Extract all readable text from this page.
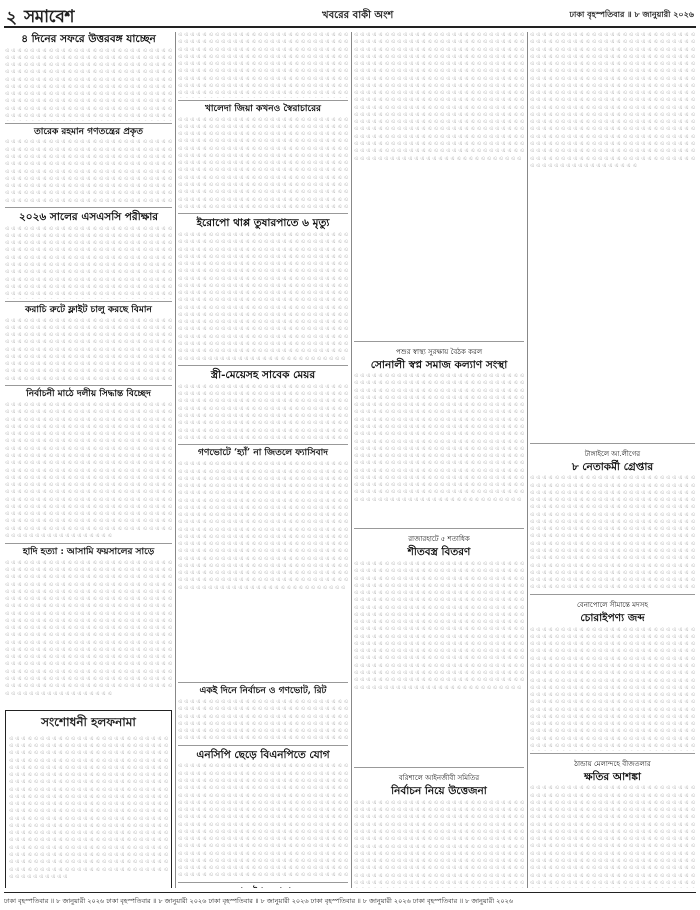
২ সমাবেশ	খবরের বাকী অংশ	ঢাকা বৃহস্পতিবার ॥ ৮ জানুয়ারী ২০২৬
৪ দিনের সফরে উত্তরবঙ্গ যাচ্ছেন
এ এ এ এ এ এ এ এ এ এ এ এ এ এ এ এ এ এ এ এ এ এ এ এ এ এ এ এ এ এ এ এ এ এ এ এ এ এ এ এ এ এ এ এ এ এ এ এ এ এ এ এ এ এ এ এ এ এ এ এ এ এ এ এ এ এ এ এ এ এ এ এ এ এ এ এ এ এ এ এ এ এ এ এ এ এ এ এ এ এ এ এ এ এ এ এ এ এ এ এ এ এ এ এ এ এ এ এ এ এ এ এ এ এ এ এ এ এ এ এ এ এ এ এ এ এ এ এ এ এ এ এ এ এ এ এ এ এ এ এ এ এ এ এ এ এ এ এ এ এ এ এ এ এ এ এ এ এ এ এ এ এ এ এ এ এ এ এ এ এ এ এ এ এ এ এ এ এ এ এ এ এ এ এ এ এ এ এ এ এ এ এ এ এ এ এ এ এ এ এ এ এ এ এ এ এ এ এ এ এ এ এ এ এ এ এ এ এ এ এ এ এ এ এ এ এ এ এ এ এ এ এ এ এ এ এ এ এ এ এ এ এ এ এ এ এ এ এ এ এ এ এ এ এ এ এ এ এ এ এ এ এ এ এ এ এ এ এ এ এ
তারেক রহমান গণতন্ত্রের প্রকৃত
এ এ এ এ এ এ এ এ এ এ এ এ এ এ এ এ এ এ এ এ এ এ এ এ এ এ এ এ এ এ এ এ এ এ এ এ এ এ এ এ এ এ এ এ এ এ এ এ এ এ এ এ এ এ এ এ এ এ এ এ এ এ এ এ এ এ এ এ এ এ এ এ এ এ এ এ এ এ এ এ এ এ এ এ এ এ এ এ এ এ এ এ এ এ এ এ এ এ এ এ এ এ এ এ এ এ এ এ এ এ এ এ এ এ এ এ এ এ এ এ এ এ এ এ এ এ এ এ এ এ এ এ এ এ এ এ এ এ এ এ এ এ এ এ এ এ এ এ এ এ এ এ এ এ এ এ এ এ এ এ এ এ এ এ এ এ এ এ এ এ এ এ এ এ এ এ এ এ এ এ এ এ এ এ এ এ এ এ এ এ এ এ এ এ এ এ এ এ এ এ এ এ এ এ এ এ এ এ এ এ এ এ এ এ এ এ এ এ এ এ এ এ এ এ এ এ এ এ এ এ এ এ এ এ এ এ এ এ এ এ এ এ এ
২০২৬ সালের এসএসসি পরীক্ষার
এ এ এ এ এ এ এ এ এ এ এ এ এ এ এ এ এ এ এ এ এ এ এ এ এ এ এ এ এ এ এ এ এ এ এ এ এ এ এ এ এ এ এ এ এ এ এ এ এ এ এ এ এ এ এ এ এ এ এ এ এ এ এ এ এ এ এ এ এ এ এ এ এ এ এ এ এ এ এ এ এ এ এ এ এ এ এ এ এ এ এ এ এ এ এ এ এ এ এ এ এ এ এ এ এ এ এ এ এ এ এ এ এ এ এ এ এ এ এ এ এ এ এ এ এ এ এ এ এ এ এ এ এ এ এ এ এ এ এ এ এ এ এ এ এ এ এ এ এ এ এ এ এ এ এ এ এ এ এ এ এ এ এ এ এ এ এ এ এ এ এ এ এ এ এ এ এ এ এ এ এ এ এ এ এ এ এ এ এ এ এ এ এ এ এ এ এ এ এ এ এ এ এ এ এ এ এ এ এ এ এ এ এ এ এ এ এ এ এ এ এ এ এ এ এ এ এ এ এ এ এ এ এ এ এ এ এ এ এ এ এ এ এ এ এ এ এ এ এ এ এ এ এ এ এ এ এ এ এ এ এ এ এ এ এ এ এ এ এ এ
করাচি রুটে ফ্লাইট চালু করছে বিমান
এ এ এ এ এ এ এ এ এ এ এ এ এ এ এ এ এ এ এ এ এ এ এ এ এ এ এ এ এ এ এ এ এ এ এ এ এ এ এ এ এ এ এ এ এ এ এ এ এ এ এ এ এ এ এ এ এ এ এ এ এ এ এ এ এ এ এ এ এ এ এ এ এ এ এ এ এ এ এ এ এ এ এ এ এ এ এ এ এ এ এ এ এ এ এ এ এ এ এ এ এ এ এ এ এ এ এ এ এ এ এ এ এ এ এ এ এ এ এ এ এ এ এ এ এ এ এ এ এ এ এ এ এ এ এ এ এ এ এ এ এ এ এ এ এ এ এ এ এ এ এ এ এ এ এ এ এ এ এ এ এ এ এ এ এ এ এ এ এ এ এ এ এ এ এ এ এ এ এ এ এ এ এ এ এ এ এ এ এ এ এ এ এ এ এ এ এ এ এ এ এ এ এ এ এ এ এ এ এ এ এ এ এ এ এ এ এ এ এ এ এ এ এ এ এ এ এ এ এ এ এ এ এ এ এ এ এ এ এ এ এ এ এ
নির্বাচনী মাঠে দলীয় সিদ্ধান্ত বিচ্ছেদ
এ এ এ এ এ এ এ এ এ এ এ এ এ এ এ এ এ এ এ এ এ এ এ এ এ এ এ এ এ এ এ এ এ এ এ এ এ এ এ এ এ এ এ এ এ এ এ এ এ এ এ এ এ এ এ এ এ এ এ এ এ এ এ এ এ এ এ এ এ এ এ এ এ এ এ এ এ এ এ এ এ এ এ এ এ এ এ এ এ এ এ এ এ এ এ এ এ এ এ এ এ এ এ এ এ এ এ এ এ এ এ এ এ এ এ এ এ এ এ এ এ এ এ এ এ এ এ এ এ এ এ এ এ এ এ এ এ এ এ এ এ এ এ এ এ এ এ এ এ এ এ এ এ এ এ এ এ এ এ এ এ এ এ এ এ এ এ এ এ এ এ এ এ এ এ এ এ এ এ এ এ এ এ এ এ এ এ এ এ এ এ এ এ এ এ এ এ এ এ এ এ এ এ এ এ এ এ এ এ এ এ এ এ এ এ এ এ এ এ এ এ এ এ এ এ এ এ এ এ এ এ এ এ এ এ এ এ এ এ এ এ এ এ এ এ এ এ এ এ এ এ এ এ এ এ এ এ এ এ এ এ এ এ এ এ এ এ এ এ এ এ এ এ এ এ এ এ এ এ এ এ এ এ এ এ এ এ এ এ এ এ এ এ এ এ এ এ এ এ এ এ এ এ এ এ এ এ এ এ এ এ এ এ এ এ এ এ এ এ এ এ এ এ এ এ এ এ এ এ এ এ এ এ এ এ এ এ এ এ এ এ এ এ এ এ এ এ এ এ এ এ এ এ এ এ এ এ এ এ এ এ এ এ এ এ এ এ এ এ এ এ এ এ এ এ এ এ এ এ এ এ এ এ এ এ এ এ এ এ এ এ এ এ এ এ এ এ এ এ এ এ এ এ এ এ এ এ এ এ এ এ এ এ এ এ এ এ এ এ এ এ এ এ এ এ এ এ এ এ এ এ এ এ এ এ এ এ এ এ এ এ এ এ এ এ এ এ এ এ এ এ এ এ এ এ এ এ এ এ এ এ এ এ এ এ এ এ এ এ এ এ এ এ এ এ এ এ এ এ এ এ এ এ এ এ এ এ এ এ এ এ এ এ এ এ এ এ এ এ এ এ এ এ এ
হাদি হত্যা : আসামি ফয়সালের সাড়ে
এ এ এ এ এ এ এ এ এ এ এ এ এ এ এ এ এ এ এ এ এ এ এ এ এ এ এ এ এ এ এ এ এ এ এ এ এ এ এ এ এ এ এ এ এ এ এ এ এ এ এ এ এ এ এ এ এ এ এ এ এ এ এ এ এ এ এ এ এ এ এ এ এ এ এ এ এ এ এ এ এ এ এ এ এ এ এ এ এ এ এ এ এ এ এ এ এ এ এ এ এ এ এ এ এ এ এ এ এ এ এ এ এ এ এ এ এ এ এ এ এ এ এ এ এ এ এ এ এ এ এ এ এ এ এ এ এ এ এ এ এ এ এ এ এ এ এ এ এ এ এ এ এ এ এ এ এ এ এ এ এ এ এ এ এ এ এ এ এ এ এ এ এ এ এ এ এ এ এ এ এ এ এ এ এ এ এ এ এ এ এ এ এ এ এ এ এ এ এ এ এ এ এ এ এ এ এ এ এ এ এ এ এ এ এ এ এ এ এ এ এ এ এ এ এ এ এ এ এ এ এ এ এ এ এ এ এ এ এ এ এ এ এ এ এ এ এ এ এ এ এ এ এ এ এ এ এ এ এ এ এ এ এ এ এ এ এ এ এ এ এ এ এ এ এ এ এ এ এ এ এ এ এ এ এ এ এ এ এ এ এ এ এ এ এ এ এ এ এ এ এ এ এ এ এ এ এ এ এ এ এ এ এ এ এ এ এ এ এ এ এ এ এ এ এ এ এ এ এ এ এ এ এ এ এ এ এ এ এ এ এ এ এ এ এ এ এ এ এ এ এ এ এ এ এ এ এ এ এ এ এ এ এ এ এ এ এ এ এ এ এ এ এ এ এ এ এ এ এ এ এ এ এ এ এ এ এ এ এ এ এ এ এ এ এ এ এ এ এ এ এ এ এ এ এ এ এ এ এ এ এ এ এ এ এ এ এ এ এ এ এ এ এ এ এ এ এ এ এ এ এ এ এ এ এ এ এ এ এ এ এ এ এ এ এ এ এ এ এ এ এ এ এ এ এ এ এ এ এ এ এ এ এ এ এ এ এ এ এ এ এ এ এ এ এ এ এ এ এ এ এ এ এ এ এ এ এ এ এ এ এ এ এ এ এ এ এ এ এ এ এ এ এ এ
সংশোধনী হলফনামা
এ এ এ এ এ এ এ এ এ এ এ এ এ এ এ এ এ এ এ এ এ এ এ এ এ এ এ এ এ এ এ এ এ এ এ এ এ এ এ এ এ এ এ এ এ এ এ এ এ এ এ এ এ এ এ এ এ এ এ এ এ এ এ এ এ এ এ এ এ এ এ এ এ এ এ এ এ এ এ এ এ এ এ এ এ এ এ এ এ এ এ এ এ এ এ এ এ এ এ এ এ এ এ এ এ এ এ এ এ এ এ এ এ এ এ এ এ এ এ এ এ এ এ এ এ এ এ এ এ এ এ এ এ এ এ এ এ এ এ এ এ এ এ এ এ এ এ এ এ এ এ এ এ এ এ এ এ এ এ এ এ এ এ এ এ এ এ এ এ এ এ এ এ এ এ এ এ এ এ এ এ এ এ এ এ এ এ এ এ এ এ এ এ এ এ এ এ এ এ এ এ এ এ এ এ এ এ এ এ এ এ এ এ এ এ এ এ এ এ এ এ এ এ এ এ এ এ এ এ এ এ এ এ এ এ এ এ এ এ এ এ এ এ এ এ এ এ এ এ এ এ এ এ এ এ এ এ এ এ এ এ এ এ এ এ এ এ এ এ এ এ এ এ এ এ এ এ এ এ এ এ এ এ এ এ এ এ এ এ এ এ এ এ এ এ এ এ এ এ এ এ এ এ এ এ এ এ এ এ এ এ এ এ এ এ এ এ এ এ এ এ এ এ এ এ এ এ এ এ এ এ এ এ এ এ এ এ এ এ এ এ এ এ এ এ এ এ এ এ এ এ এ এ এ এ এ এ এ এ এ এ এ এ এ এ এ এ এ এ এ এ এ এ এ এ এ এ এ এ এ এ এ এ এ এ এ এ এ এ এ এ এ এ এ এ এ এ এ এ এ এ এ এ এ এ এ এ এ এ এ এ এ এ এ এ এ এ এ এ এ এ এ এ এ এ এ এ এ এ এ এ এ এ এ এ এ এ এ এ এ এ এ এ এ এ এ এ এ এ এ এ এ এ এ এ এ এ এ এ এ এ এ এ এ এ এ এ এ এ এ এ এ এ এ এ এ এ এ এ এ এ এ এ এ এ এ এ এ এ এ এ এ এ এ এ এ এ এ এ এ এ এ এ এ
এ এ এ এ এ এ এ এ এ এ এ এ এ এ এ এ এ এ এ এ এ এ এ এ এ এ এ এ এ এ এ এ এ এ এ এ এ এ এ এ এ এ এ এ এ এ এ এ এ এ এ এ এ এ এ এ এ এ এ এ এ এ এ এ এ এ এ এ এ এ এ এ এ এ এ এ এ এ এ এ এ এ এ এ এ এ এ এ এ এ এ এ এ এ এ এ এ এ এ এ এ এ এ এ এ এ এ এ এ এ এ এ এ এ এ এ এ এ এ এ এ এ এ এ এ এ এ এ এ এ এ এ এ এ এ এ এ এ এ এ এ এ এ এ এ এ এ এ এ এ এ এ এ এ এ এ এ এ এ এ এ এ এ এ এ এ এ এ এ এ এ এ এ এ এ এ এ এ এ এ এ এ এ এ এ এ এ এ এ এ এ এ এ এ এ এ এ এ এ এ এ এ এ এ এ এ এ এ এ এ এ এ এ এ এ এ এ এ এ এ এ এ এ এ এ এ এ এ এ এ এ এ এ এ এ এ এ এ এ এ এ এ এ এ এ এ এ এ এ এ এ এ
খালেদা জিয়া কখনও স্বৈরাচারের
এ এ এ এ এ এ এ এ এ এ এ এ এ এ এ এ এ এ এ এ এ এ এ এ এ এ এ এ এ এ এ এ এ এ এ এ এ এ এ এ এ এ এ এ এ এ এ এ এ এ এ এ এ এ এ এ এ এ এ এ এ এ এ এ এ এ এ এ এ এ এ এ এ এ এ এ এ এ এ এ এ এ এ এ এ এ এ এ এ এ এ এ এ এ এ এ এ এ এ এ এ এ এ এ এ এ এ এ এ এ এ এ এ এ এ এ এ এ এ এ এ এ এ এ এ এ এ এ এ এ এ এ এ এ এ এ এ এ এ এ এ এ এ এ এ এ এ এ এ এ এ এ এ এ এ এ এ এ এ এ এ এ এ এ এ এ এ এ এ এ এ এ এ এ এ এ এ এ এ এ এ এ এ এ এ এ এ এ এ এ এ এ এ এ এ এ এ এ এ এ এ এ এ এ এ এ এ এ এ এ এ এ এ এ এ এ এ এ এ এ এ এ এ এ এ এ এ এ এ এ এ এ এ এ এ এ এ এ এ এ এ এ এ এ এ এ এ এ এ এ এ এ এ এ এ এ এ এ এ এ এ এ এ এ এ এ এ এ এ এ এ এ এ এ এ এ এ এ এ এ এ এ এ এ এ এ এ এ এ এ এ এ এ এ এ এ এ এ এ এ এ এ এ এ এ এ এ এ এ এ এ এ এ এ এ এ এ এ এ এ এ এ এ এ এ এ এ এ এ এ এ এ এ এ এ এ এ এ এ এ এ এ এ এ এ এ এ এ এ এ এ এ এ এ এ এ এ এ এ এ এ এ এ এ
ইরোপো থাপ্প তুষারপাতে ৬ মৃত্যু
এ এ এ এ এ এ এ এ এ এ এ এ এ এ এ এ এ এ এ এ এ এ এ এ এ এ এ এ এ এ এ এ এ এ এ এ এ এ এ এ এ এ এ এ এ এ এ এ এ এ এ এ এ এ এ এ এ এ এ এ এ এ এ এ এ এ এ এ এ এ এ এ এ এ এ এ এ এ এ এ এ এ এ এ এ এ এ এ এ এ এ এ এ এ এ এ এ এ এ এ এ এ এ এ এ এ এ এ এ এ এ এ এ এ এ এ এ এ এ এ এ এ এ এ এ এ এ এ এ এ এ এ এ এ এ এ এ এ এ এ এ এ এ এ এ এ এ এ এ এ এ এ এ এ এ এ এ এ এ এ এ এ এ এ এ এ এ এ এ এ এ এ এ এ এ এ এ এ এ এ এ এ এ এ এ এ এ এ এ এ এ এ এ এ এ এ এ এ এ এ এ এ এ এ এ এ এ এ এ এ এ এ এ এ এ এ এ এ এ এ এ এ এ এ এ এ এ এ এ এ এ এ এ এ এ এ এ এ এ এ এ এ এ এ এ এ এ এ এ এ এ এ এ এ এ এ এ এ এ এ এ এ এ এ এ এ এ এ এ এ এ এ এ এ এ এ এ এ এ এ এ এ এ এ এ এ এ এ এ এ এ এ এ এ এ এ এ এ এ এ এ এ এ এ এ এ এ এ এ এ এ এ এ এ এ এ এ এ এ এ এ এ এ এ এ এ এ এ এ এ এ এ এ এ এ এ এ এ এ এ এ এ এ এ এ এ এ এ এ এ এ এ এ এ এ এ এ এ এ এ এ এ এ এ এ এ এ এ এ এ এ এ এ এ এ এ এ এ এ এ এ এ এ এ এ এ এ এ এ এ এ এ এ এ এ এ এ এ এ এ এ এ এ এ এ এ এ এ এ এ এ এ এ এ এ এ এ এ এ এ এ এ এ এ এ এ এ এ এ এ এ এ এ এ এ এ এ এ এ এ এ এ এ এ এ এ এ এ এ এ এ এ এ এ এ এ এ এ এ এ এ এ এ এ এ এ এ এ এ এ এ এ এ এ এ এ এ এ এ এ এ এ এ এ এ এ এ এ এ এ এ এ এ এ এ এ এ এ এ এ এ এ এ এ
স্ত্রী-মেয়েসহ সাবেক মেয়র
এ এ এ এ এ এ এ এ এ এ এ এ এ এ এ এ এ এ এ এ এ এ এ এ এ এ এ এ এ এ এ এ এ এ এ এ এ এ এ এ এ এ এ এ এ এ এ এ এ এ এ এ এ এ এ এ এ এ এ এ এ এ এ এ এ এ এ এ এ এ এ এ এ এ এ এ এ এ এ এ এ এ এ এ এ এ এ এ এ এ এ এ এ এ এ এ এ এ এ এ এ এ এ এ এ এ এ এ এ এ এ এ এ এ এ এ এ এ এ এ এ এ এ এ এ এ এ এ এ এ এ এ এ এ এ এ এ এ এ এ এ এ এ এ এ এ এ এ এ এ এ এ এ এ এ এ এ এ এ এ এ এ এ এ এ এ এ এ এ এ এ এ এ এ এ এ এ এ এ এ এ এ এ এ এ এ এ এ এ এ এ এ এ এ এ এ এ এ এ এ এ এ এ এ এ এ এ এ এ এ এ এ এ এ এ এ এ এ এ এ এ এ এ এ
গণভোটে ‘হ্যাঁ’ না জিতলে ফ্যাসিবাদ
এ এ এ এ এ এ এ এ এ এ এ এ এ এ এ এ এ এ এ এ এ এ এ এ এ এ এ এ এ এ এ এ এ এ এ এ এ এ এ এ এ এ এ এ এ এ এ এ এ এ এ এ এ এ এ এ এ এ এ এ এ এ এ এ এ এ এ এ এ এ এ এ এ এ এ এ এ এ এ এ এ এ এ এ এ এ এ এ এ এ এ এ এ এ এ এ এ এ এ এ এ এ এ এ এ এ এ এ এ এ এ এ এ এ এ এ এ এ এ এ এ এ এ এ এ এ এ এ এ এ এ এ এ এ এ এ এ এ এ এ এ এ এ এ এ এ এ এ এ এ এ এ এ এ এ এ এ এ এ এ এ এ এ এ এ এ এ এ এ এ এ এ এ এ এ এ এ এ এ এ এ এ এ এ এ এ এ এ এ এ এ এ এ এ এ এ এ এ এ এ এ এ এ এ এ এ এ এ এ এ এ এ এ এ এ এ এ এ এ এ এ এ এ এ এ এ এ এ এ এ এ এ এ এ এ এ এ এ এ এ এ এ এ এ এ এ এ এ এ এ এ এ এ এ এ এ এ এ এ এ এ এ এ এ এ এ এ এ এ এ এ এ এ এ এ এ এ এ এ এ এ এ এ এ এ এ এ এ এ এ এ এ এ এ এ এ এ এ এ এ এ এ এ এ এ এ এ এ এ এ এ এ এ এ এ এ এ এ এ এ এ এ এ এ এ এ এ এ এ এ এ এ এ এ এ এ এ এ এ এ এ এ এ এ এ এ এ এ এ এ এ এ এ এ এ এ এ এ এ এ এ এ এ এ এ এ এ এ এ এ এ এ এ এ এ এ এ এ এ এ এ এ এ এ এ এ এ এ এ এ এ এ এ এ এ এ এ এ এ এ এ এ এ এ এ এ এ এ এ এ এ এ এ এ এ এ এ এ এ এ এ এ এ এ এ এ এ এ এ এ এ এ এ এ এ এ এ এ এ এ এ এ এ এ এ এ এ এ এ এ এ এ এ এ এ এ এ এ এ এ এ এ এ এ এ এ এ এ এ এ এ এ এ এ এ এ এ এ এ এ এ এ এ এ এ এ এ এ এ এ এ এ এ এ এ এ এ এ এ এ এ এ এ এ
একই দিনে নির্বাচন ও গণভোট, রিট
এ এ এ এ এ এ এ এ এ এ এ এ এ এ এ এ এ এ এ এ এ এ এ এ এ এ এ এ এ এ এ এ এ এ এ এ এ এ এ এ এ এ এ এ এ এ এ এ এ এ এ এ এ এ এ এ এ এ এ এ এ এ এ এ এ এ এ এ এ এ এ এ এ এ এ এ এ এ এ এ এ এ এ এ এ এ এ এ এ এ এ এ এ এ এ এ এ এ এ এ এ এ এ এ এ এ এ এ এ এ এ এ এ এ এ এ এ এ এ এ এ এ এ এ এ এ এ এ এ এ এ এ এ এ এ এ এ এ এ এ এ এ এ এ এ এ এ এ এ এ এ এ এ এ এ এ এ এ এ এ এ এ এ এ এ এ এ এ
এনসিপি ছেড়ে বিএনপিতে যোগ
এ এ এ এ এ এ এ এ এ এ এ এ এ এ এ এ এ এ এ এ এ এ এ এ এ এ এ এ এ এ এ এ এ এ এ এ এ এ এ এ এ এ এ এ এ এ এ এ এ এ এ এ এ এ এ এ এ এ এ এ এ এ এ এ এ এ এ এ এ এ এ এ এ এ এ এ এ এ এ এ এ এ এ এ এ এ এ এ এ এ এ এ এ এ এ এ এ এ এ এ এ এ এ এ এ এ এ এ এ এ এ এ এ এ এ এ এ এ এ এ এ এ এ এ এ এ এ এ এ এ এ এ এ এ এ এ এ এ এ এ এ এ এ এ এ এ এ এ এ এ এ এ এ এ এ এ এ এ এ এ এ এ এ এ এ এ এ এ এ এ এ এ এ এ এ এ এ এ এ এ এ এ এ এ এ এ এ এ এ এ এ এ এ এ এ এ এ এ এ এ এ এ এ এ এ এ এ এ এ এ এ এ এ এ এ এ এ এ এ এ এ এ এ এ এ এ এ এ এ এ এ এ এ এ এ এ এ এ এ এ এ এ এ এ এ এ এ এ এ এ এ এ এ এ এ এ এ এ এ এ এ এ এ এ এ এ এ এ এ এ এ এ এ এ এ এ এ এ এ এ এ এ এ এ এ এ এ এ এ এ এ এ এ এ এ এ এ এ এ এ এ এ এ এ এ এ এ এ এ এ এ এ এ এ এ এ এ এ এ এ এ এ এ এ এ এ এ এ এ এ এ এ এ এ এ এ এ এ এ এ এ এ এ এ এ এ এ এ এ এ এ এ এ এ এ এ এ এ এ এ এ এ এ এ এ এ এ এ এ এ এ এ এ এ এ এ এ এ এ এ এ এ এ এ এ এ এ এ এ এ এ এ এ এ এ এ এ এ এ এ এ এ এ এ এ এ এ এ এ এ এ এ এ এ এ এ এ এ এ এ এ এ এ এ এ এ এ এ এ এ এ এ এ এ এ এ এ এ এ এ এ এ এ এ এ এ এ এ
এ এ এ এ এ এ এ এ এ এ এ এ এ এ এ এ এ এ এ এ এ এ এ এ এ এ এ এ এ এ এ এ এ এ এ এ এ এ এ এ এ এ এ এ এ এ এ এ এ এ এ এ এ এ এ এ এ এ এ এ এ এ এ এ এ এ এ এ এ এ এ এ এ এ এ এ এ এ এ এ এ এ এ এ এ এ এ এ এ এ এ এ এ এ এ এ এ এ এ এ এ এ এ এ এ এ এ এ এ এ এ এ এ এ এ এ এ এ এ এ এ এ এ এ এ এ এ এ এ এ এ এ এ এ এ এ এ এ এ এ এ এ এ এ এ এ এ এ এ এ এ এ এ এ এ এ এ এ এ এ এ এ এ এ এ এ এ এ এ এ এ এ এ এ এ এ এ এ এ এ এ এ এ এ এ এ এ এ এ এ এ এ এ এ এ এ এ এ এ এ এ এ এ এ এ এ এ এ এ এ এ এ এ এ এ এ এ এ এ এ এ এ এ এ এ এ এ এ এ এ এ এ এ এ এ এ এ এ এ এ এ এ এ এ এ এ এ এ এ এ এ এ এ এ এ এ এ এ এ এ এ এ এ এ এ এ এ এ এ এ এ এ এ এ এ এ এ এ এ এ এ এ এ এ এ এ এ এ এ এ এ এ এ এ এ এ এ এ এ এ এ এ এ এ এ এ এ এ এ এ এ এ এ এ এ এ এ এ এ এ এ এ এ এ এ এ এ এ এ এ এ এ এ এ এ এ এ এ এ এ এ এ এ এ এ এ এ এ এ এ এ এ এ এ এ এ এ এ এ এ এ এ এ এ এ এ এ এ এ এ এ এ এ এ এ এ এ এ এ এ এ এ এ এ এ এ এ এ এ এ এ এ এ এ এ এ এ এ এ এ এ এ এ এ এ এ এ এ এ এ এ এ এ এ এ এ এ এ এ এ এ এ এ এ এ এ এ এ এ এ এ এ এ এ এ এ এ এ এ এ এ এ এ এ এ এ এ এ এ এ এ এ এ এ এ এ এ এ এ এ এ এ এ এ এ এ এ এ এ এ এ এ এ এ এ এ এ এ এ এ এ এ এ এ এ এ এ এ এ এ এ এ এ এ এ এ এ এ এ এ এ এ এ এ
পশুর স্বাস্থ্য সুরক্ষায় বৈঠক করল
সোনালী স্বপ্ন সমাজ কল্যাণ সংস্থা
এ এ এ এ এ এ এ এ এ এ এ এ এ এ এ এ এ এ এ এ এ এ এ এ এ এ এ এ এ এ এ এ এ এ এ এ এ এ এ এ এ এ এ এ এ এ এ এ এ এ এ এ এ এ এ এ এ এ এ এ এ এ এ এ এ এ এ এ এ এ এ এ এ এ এ এ এ এ এ এ এ এ এ এ এ এ এ এ এ এ এ এ এ এ এ এ এ এ এ এ এ এ এ এ এ এ এ এ এ এ এ এ এ এ এ এ এ এ এ এ এ এ এ এ এ এ এ এ এ এ এ এ এ এ এ এ এ এ এ এ এ এ এ এ এ এ এ এ এ এ এ এ এ এ এ এ এ এ এ এ এ এ এ এ এ এ এ এ এ এ এ এ এ এ এ এ এ এ এ এ এ এ এ এ এ এ এ এ এ এ এ এ এ এ এ এ এ এ এ এ এ এ এ এ এ এ এ এ এ এ এ এ এ এ এ এ এ এ এ এ এ এ এ এ এ এ এ এ এ এ এ এ এ এ এ এ এ এ এ এ এ এ এ এ এ এ এ এ এ এ এ এ এ এ এ এ এ এ এ এ এ এ এ এ এ এ এ এ এ এ এ এ এ এ এ এ এ এ এ এ এ এ এ এ এ এ এ এ এ এ এ এ এ এ এ এ এ এ এ এ এ এ এ এ এ এ এ এ এ এ এ এ এ এ এ এ এ এ এ এ এ এ এ এ এ এ এ এ এ এ এ এ এ এ এ এ এ এ এ এ এ এ এ এ এ এ এ এ এ এ এ এ এ এ এ এ এ এ এ এ এ এ এ এ এ এ এ এ এ এ এ এ এ এ এ এ এ এ এ এ এ এ এ এ এ এ এ এ এ এ এ এ এ এ এ এ এ এ এ এ এ এ এ এ এ এ এ এ এ এ এ এ এ এ এ এ এ এ এ এ এ এ এ এ এ এ এ এ এ এ এ এ এ এ এ এ এ এ এ এ এ এ এ এ এ এ এ এ এ এ এ এ এ এ এ এ এ এ এ এ এ এ এ এ এ এ এ এ এ এ এ এ এ এ এ এ এ এ এ এ এ এ এ এ এ এ এ এ এ এ এ এ এ এ এ এ এ এ এ এ এ এ এ এ
রাজারহাটে ৫ শতাধিক
শীতবস্ত্র বিতরণ
এ এ এ এ এ এ এ এ এ এ এ এ এ এ এ এ এ এ এ এ এ এ এ এ এ এ এ এ এ এ এ এ এ এ এ এ এ এ এ এ এ এ এ এ এ এ এ এ এ এ এ এ এ এ এ এ এ এ এ এ এ এ এ এ এ এ এ এ এ এ এ এ এ এ এ এ এ এ এ এ এ এ এ এ এ এ এ এ এ এ এ এ এ এ এ এ এ এ এ এ এ এ এ এ এ এ এ এ এ এ এ এ এ এ এ এ এ এ এ এ এ এ এ এ এ এ এ এ এ এ এ এ এ এ এ এ এ এ এ এ এ এ এ এ এ এ এ এ এ এ এ এ এ এ এ এ এ এ এ এ এ এ এ এ এ এ এ এ এ এ এ এ এ এ এ এ এ এ এ এ এ এ এ এ এ এ এ এ এ এ এ এ এ এ এ এ এ এ এ এ এ এ এ এ এ এ এ এ এ এ এ এ এ এ এ এ এ এ এ এ এ এ এ এ এ এ এ এ এ এ এ এ এ এ এ এ এ এ এ এ এ এ এ এ এ এ এ এ এ এ এ এ এ এ এ এ এ এ এ এ এ এ এ এ এ এ এ এ এ এ এ এ এ এ এ এ এ এ এ এ এ এ এ এ এ এ এ এ এ এ এ এ এ এ এ এ এ এ এ এ এ এ এ এ এ এ এ এ এ এ এ এ এ এ এ এ এ এ এ এ এ এ এ এ এ এ এ এ এ এ এ এ এ এ এ এ এ এ এ এ এ এ এ এ এ এ এ এ এ এ এ এ এ এ এ এ এ এ এ এ এ এ এ এ এ এ এ এ এ এ এ এ এ এ এ এ এ এ এ এ এ এ এ এ এ এ এ এ এ এ এ এ এ এ এ এ এ এ এ এ এ এ এ এ এ এ এ এ এ এ এ এ এ এ এ এ এ এ এ এ এ এ এ এ এ এ এ এ এ এ এ এ এ এ এ এ এ এ এ এ এ এ এ এ এ এ এ এ এ এ এ এ এ এ এ এ এ এ এ এ এ এ এ এ এ এ এ এ এ এ এ এ এ এ এ এ এ এ এ এ এ এ এ এ এ এ এ এ এ এ এ এ এ এ এ এ এ এ এ এ এ এ এ এ
বরিশালে আইনজীবী সমিতির
নির্বাচন নিয়ে উত্তেজনা
এ এ এ এ এ এ এ এ এ এ এ এ এ এ এ এ এ এ এ এ এ এ এ এ এ এ এ এ এ এ এ এ এ এ এ এ এ এ এ এ এ এ এ এ এ এ এ এ এ এ এ এ এ এ এ এ এ এ এ এ এ এ এ এ এ এ এ এ এ এ এ এ এ এ এ এ এ এ এ এ এ এ এ এ এ এ এ এ এ এ এ এ এ এ এ এ এ এ এ এ এ এ এ এ এ এ এ এ এ এ এ এ এ এ এ এ এ এ এ এ এ এ এ এ এ এ এ এ এ এ এ এ এ এ এ এ এ এ এ এ এ এ এ এ এ এ এ এ এ এ এ এ এ এ এ এ এ এ এ এ এ এ এ এ এ এ এ এ এ এ এ এ এ এ এ এ এ এ এ এ এ এ এ এ এ এ এ এ এ এ এ এ এ এ এ এ এ এ এ এ এ এ এ এ এ এ এ এ এ এ এ এ এ এ এ এ এ এ এ এ এ এ এ এ এ এ এ এ এ এ এ এ এ এ এ এ এ এ এ এ এ এ এ এ এ এ এ এ এ এ এ এ এ এ এ এ এ এ এ এ এ এ এ এ এ এ এ এ এ এ এ এ এ এ এ এ এ এ এ এ এ এ এ এ এ এ এ এ এ এ এ এ এ এ এ এ এ এ এ এ এ এ এ এ এ এ এ এ এ এ এ এ এ এ এ এ এ এ এ এ এ এ এ এ এ এ এ এ এ এ এ এ এ এ এ এ
এ এ এ এ এ এ এ এ এ এ এ এ এ এ এ এ এ এ এ এ এ এ এ এ এ এ এ এ এ এ এ এ এ এ এ এ এ এ এ এ এ এ এ এ এ এ এ এ এ এ এ এ এ এ এ এ এ এ এ এ এ এ এ এ এ এ এ এ এ এ এ এ এ এ এ এ এ এ এ এ এ এ এ এ এ এ এ এ এ এ এ এ এ এ এ এ এ এ এ এ এ এ এ এ এ এ এ এ এ এ এ এ এ এ এ এ এ এ এ এ এ এ এ এ এ এ এ এ এ এ এ এ এ এ এ এ এ এ এ এ এ এ এ এ এ এ এ এ এ এ এ এ এ এ এ এ এ এ এ এ এ এ এ এ এ এ এ এ এ এ এ এ এ এ এ এ এ এ এ এ এ এ এ এ এ এ এ এ এ এ এ এ এ এ এ এ এ এ এ এ এ এ এ এ এ এ এ এ এ এ এ এ এ এ এ এ এ এ এ এ এ এ এ এ এ এ এ এ এ এ এ এ এ এ এ এ এ এ এ এ এ এ এ এ এ এ এ এ এ এ এ এ এ এ এ এ এ এ এ এ এ এ এ এ এ এ এ এ এ এ এ এ এ এ এ এ এ এ এ এ এ এ এ এ এ এ এ এ এ এ এ এ এ এ এ এ এ এ এ এ এ এ এ এ এ এ এ এ এ এ এ এ এ এ এ এ এ এ এ এ এ এ এ এ এ এ এ এ এ এ এ এ এ এ এ এ এ এ এ এ এ এ এ এ এ এ এ এ এ এ এ এ এ এ এ এ এ এ এ এ এ এ এ এ এ এ এ এ এ এ এ এ এ এ এ এ এ এ এ এ এ এ এ এ এ এ এ এ এ এ এ এ এ এ এ এ এ এ এ এ এ এ এ এ এ এ এ এ এ এ এ এ এ এ এ এ এ এ এ এ এ এ এ এ এ এ এ এ এ এ এ এ এ এ এ এ এ এ এ এ এ এ এ এ এ এ এ এ এ এ এ এ এ এ এ এ এ এ এ এ এ এ এ এ এ এ এ এ এ এ এ এ এ এ এ এ এ এ এ এ এ এ এ এ এ এ এ এ এ এ এ এ এ এ এ এ এ এ এ এ এ এ এ এ
টাঙ্গাইলে আ.লীগের
৮ নেতাকর্মী গ্রেপ্তার
এ এ এ এ এ এ এ এ এ এ এ এ এ এ এ এ এ এ এ এ এ এ এ এ এ এ এ এ এ এ এ এ এ এ এ এ এ এ এ এ এ এ এ এ এ এ এ এ এ এ এ এ এ এ এ এ এ এ এ এ এ এ এ এ এ এ এ এ এ এ এ এ এ এ এ এ এ এ এ এ এ এ এ এ এ এ এ এ এ এ এ এ এ এ এ এ এ এ এ এ এ এ এ এ এ এ এ এ এ এ এ এ এ এ এ এ এ এ এ এ এ এ এ এ এ এ এ এ এ এ এ এ এ এ এ এ এ এ এ এ এ এ এ এ এ এ এ এ এ এ এ এ এ এ এ এ এ এ এ এ এ এ এ এ এ এ এ এ এ এ এ এ এ এ এ এ এ এ এ এ এ এ এ এ এ এ এ এ এ এ এ এ এ এ এ এ এ এ এ এ এ এ এ এ এ এ এ এ এ এ এ এ এ এ এ এ এ এ এ এ এ এ এ এ এ এ এ এ এ এ এ এ এ এ এ এ এ এ এ এ এ এ এ এ এ এ এ এ এ এ এ এ এ এ এ এ এ এ এ এ এ এ এ এ এ এ এ এ এ এ এ এ এ এ এ এ এ এ এ এ এ এ এ এ এ এ এ এ এ এ এ এ এ এ এ এ এ এ এ এ এ এ এ এ এ এ এ এ এ এ এ এ এ এ এ এ এ এ এ এ এ এ এ এ এ এ এ এ এ এ এ এ এ এ এ এ এ এ এ এ এ এ এ এ এ এ এ এ এ এ এ এ এ এ এ এ এ এ এ এ এ এ এ এ এ এ এ এ এ এ এ এ এ এ এ এ এ এ এ এ এ এ এ এ এ এ এ এ এ এ এ এ এ এ এ এ এ এ এ এ এ এ এ এ এ এ এ এ এ এ এ এ এ এ এ এ এ এ এ এ এ এ এ এ এ এ এ এ এ এ এ এ
বেনাপোলে সীমান্তে মদসহ
চোরাইপণ্য জব্দ
এ এ এ এ এ এ এ এ এ এ এ এ এ এ এ এ এ এ এ এ এ এ এ এ এ এ এ এ এ এ এ এ এ এ এ এ এ এ এ এ এ এ এ এ এ এ এ এ এ এ এ এ এ এ এ এ এ এ এ এ এ এ এ এ এ এ এ এ এ এ এ এ এ এ এ এ এ এ এ এ এ এ এ এ এ এ এ এ এ এ এ এ এ এ এ এ এ এ এ এ এ এ এ এ এ এ এ এ এ এ এ এ এ এ এ এ এ এ এ এ এ এ এ এ এ এ এ এ এ এ এ এ এ এ এ এ এ এ এ এ এ এ এ এ এ এ এ এ এ এ এ এ এ এ এ এ এ এ এ এ এ এ এ এ এ এ এ এ এ এ এ এ এ এ এ এ এ এ এ এ এ এ এ এ এ এ এ এ এ এ এ এ এ এ এ এ এ এ এ এ এ এ এ এ এ এ এ এ এ এ এ এ এ এ এ এ এ এ এ এ এ এ এ এ এ এ এ এ এ এ এ এ এ এ এ এ এ এ এ এ এ এ এ এ এ এ এ এ এ এ এ এ এ এ এ এ এ এ এ এ এ এ এ এ এ এ এ এ এ এ এ এ এ এ এ এ এ এ এ এ এ এ এ এ এ এ এ এ এ এ এ এ এ এ এ এ এ এ এ এ এ এ এ এ এ এ এ এ এ এ এ এ এ এ এ এ এ এ এ এ এ এ এ এ এ এ এ এ এ এ এ এ এ এ এ এ এ এ এ এ এ এ এ এ এ এ এ এ এ এ এ এ এ এ এ এ এ এ এ এ এ এ এ এ এ এ এ এ এ এ এ এ এ এ এ এ এ এ এ এ এ এ এ এ এ এ এ এ এ এ এ এ এ এ এ এ এ এ এ এ এ এ এ এ এ এ এ এ এ এ এ এ এ এ এ এ এ এ এ এ এ এ এ এ এ এ এ এ এ এ এ এ এ এ এ এ এ এ এ এ এ এ এ এ এ এ এ এ এ এ এ এ এ এ এ এ এ এ এ
ঠান্ডায় মেলান্দহে বীজতলার
ক্ষতির আশঙ্কা
এ এ এ এ এ এ এ এ এ এ এ এ এ এ এ এ এ এ এ এ এ এ এ এ এ এ এ এ এ এ এ এ এ এ এ এ এ এ এ এ এ এ এ এ এ এ এ এ এ এ এ এ এ এ এ এ এ এ এ এ এ এ এ এ এ এ এ এ এ এ এ এ এ এ এ এ এ এ এ এ এ এ এ এ এ এ এ এ এ এ এ এ এ এ এ এ এ এ এ এ এ এ এ এ এ এ এ এ এ এ এ এ এ এ এ এ এ এ এ এ এ এ এ এ এ এ এ এ এ এ এ এ এ এ এ এ এ এ এ এ এ এ এ এ এ এ এ এ এ এ এ এ এ এ এ এ এ এ এ এ এ এ এ এ এ এ এ এ এ এ এ এ এ এ এ এ এ এ এ এ এ এ এ এ এ এ এ এ এ এ এ এ এ এ এ এ এ এ এ এ এ এ এ এ এ এ এ এ এ এ এ এ এ এ এ এ এ এ এ এ এ এ এ এ এ এ এ এ এ এ এ এ এ এ এ এ এ এ এ এ এ এ এ এ এ এ এ এ এ এ এ এ এ এ এ এ এ এ এ এ এ এ এ এ এ এ এ এ এ এ এ এ এ এ এ এ এ এ এ এ এ এ এ এ এ এ এ এ এ এ এ এ এ এ এ এ এ এ এ এ এ এ এ এ এ এ এ এ এ এ এ এ এ এ এ এ এ এ এ এ এ এ এ এ এ এ এ এ এ এ এ এ এ এ এ এ এ এ এ এ এ এ এ এ এ এ এ এ এ এ এ এ এ এ এ এ এ এ এ এ এ এ এ এ এ এ এ এ এ এ এ এ এ এ এ এ এ এ
ঢাকা বৃহস্পতিবার ॥ ৮ জানুয়ারী ২০২৬ ঢাকা বৃহস্পতিবার ॥ ৮ জানুয়ারী ২০২৬ ঢাকা বৃহস্পতিবার ॥ ৮ জানুয়ারী ২০২৬ ঢাকা বৃহস্পতিবার ॥ ৮ জানুয়ারী ২০২৬ ঢাকা বৃহস্পতিবার ॥ ৮ জানুয়ারী ২০২৬
